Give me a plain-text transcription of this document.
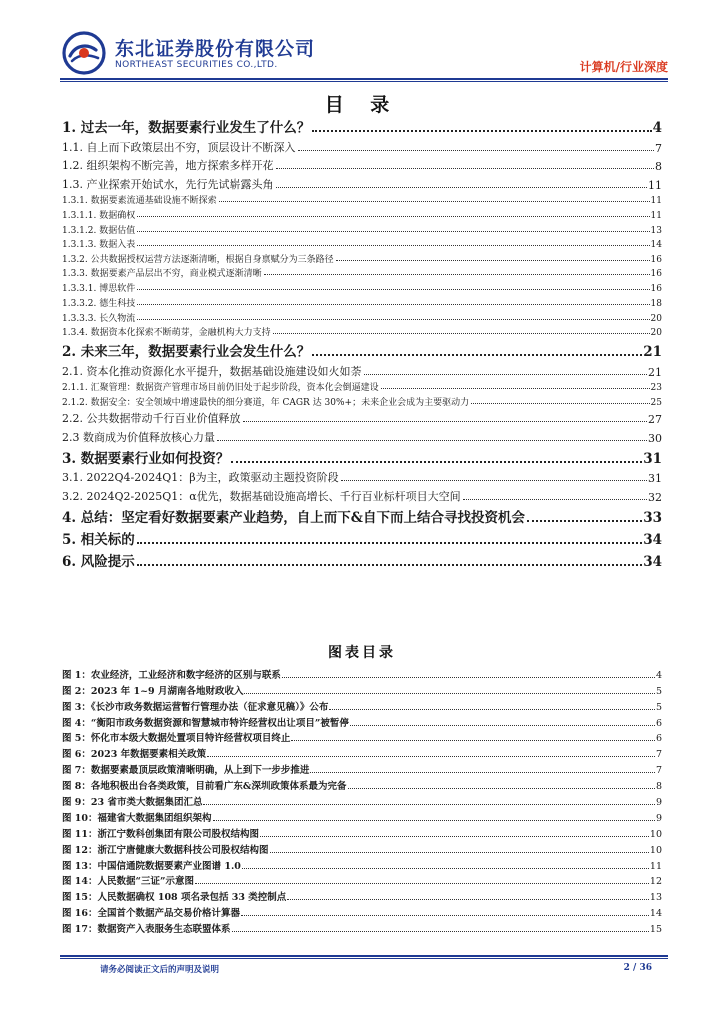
东北证券股份有限公司
NORTHEAST SECURITIES CO.,LTD.	计算机/行业深度
目 录
1. 过去一年，数据要素行业发生了什么？	4
1.1. 自上而下政策层出不穷，顶层设计不断深入	7
1.2. 组织架构不断完善，地方探索多样开花	8
1.3. 产业探索开始试水，先行先试崭露头角	11
1.3.1. 数据要素流通基础设施不断探索	11
1.3.1.1. 数据确权	11
1.3.1.2. 数据估值	13
1.3.1.3. 数据入表	14
1.3.2. 公共数据授权运营方法逐渐清晰，根据自身禀赋分为三条路径	16
1.3.3. 数据要素产品层出不穷，商业模式逐渐清晰	16
1.3.3.1. 博思软件	16
1.3.3.2. 德生科技	18
1.3.3.3. 长久物流	20
1.3.4. 数据资本化探索不断萌芽，金融机构大力支持	20
2. 未来三年，数据要素行业会发生什么？	21
2.1. 资本化推动资源化水平提升，数据基础设施建设如火如荼	21
2.1.1. 汇聚管理：数据资产管理市场目前仍旧处于起步阶段，资本化会倒逼建设	23
2.1.2. 数据安全：安全领域中增速最快的细分赛道，年 CAGR 达 30%+；未来企业会成为主要驱动力	25
2.2. 公共数据带动千行百业价值释放	27
2.3 数商成为价值释放核心力量	30
3. 数据要素行业如何投资？	31
3.1. 2022Q4-2024Q1：β为主，政策驱动主题投资阶段	31
3.2. 2024Q2-2025Q1：α优先，数据基础设施高增长、千行百业标杆项目大空间	32
4. 总结：坚定看好数据要素产业趋势，自上而下&自下而上结合寻找投资机会	33
5. 相关标的	34
6. 风险提示	34
图表目录
图 1：农业经济，工业经济和数字经济的区别与联系	4
图 2：2023 年 1~9 月湖南各地财政收入	5
图 3：《长沙市政务数据运营暂行管理办法（征求意见稿）》公布	5
图 4：“衡阳市政务数据资源和智慧城市特许经营权出让项目”被暂停	6
图 5：怀化市本级大数据处置项目特许经营权项目终止	6
图 6：2023 年数据要素相关政策	7
图 7：数据要素最顶层政策清晰明确，从上到下一步步推进	7
图 8：各地积极出台各类政策，目前看广东&深圳政策体系最为完备	8
图 9：23 省市类大数据集团汇总	9
图 10：福建省大数据集团组织架构	9
图 11：浙江宁数科创集团有限公司股权结构图	10
图 12：浙江宁唐健康大数据科技公司股权结构图	10
图 13：中国信通院数据要素产业图谱 1.0	11
图 14：人民数据“三证”示意图	12
图 15：人民数据确权 108 项名录包括 33 类控制点	13
图 16：全国首个数据产品交易价格计算器	14
图 17：数据资产入表服务生态联盟体系	15
请务必阅读正文后的声明及说明	2 / 36
